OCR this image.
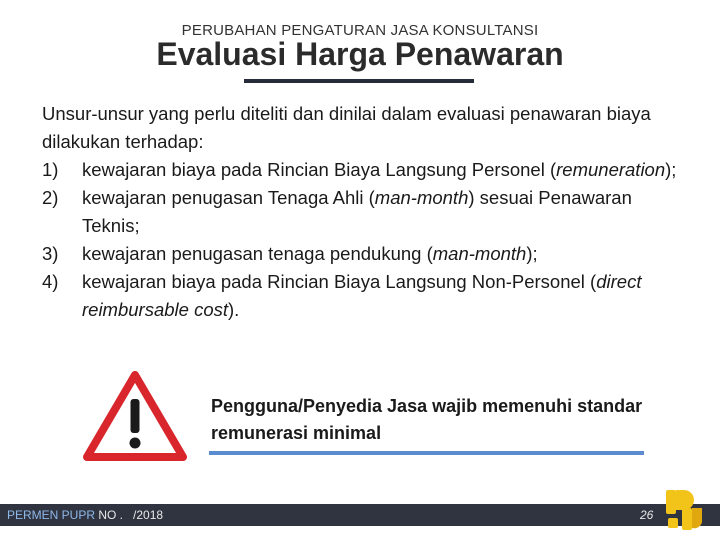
PERUBAHAN PENGATURAN JASA KONSULTANSI
Evaluasi Harga Penawaran

Unsur-unsur yang perlu diteliti dan dinilai dalam evaluasi penawaran biaya dilakukan terhadap:

1) kewajaran biaya pada Rincian Biaya Langsung Personel (remuneration);
2) kewajaran penugasan Tenaga Ahli (man-month) sesuai Penawaran Teknis;
3) kewajaran penugasan tenaga pendukung (man-month);
4) kewajaran biaya pada Rincian Biaya Langsung Non-Personel (direct reimbursable cost).
Pengguna/Penyedia Jasa wajib memenuhi standar remunerasi minimal
PERMEN PUPR NO .   /2018	26
